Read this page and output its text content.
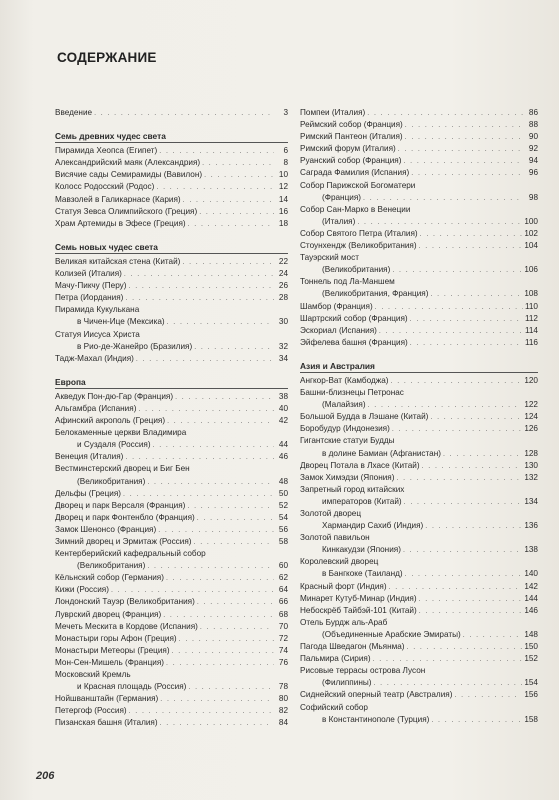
СОДЕРЖАНИЕ
Введение . . .	3
Семь древних чудес света
Пирамида Хеопса (Египет) . . .	6
Александрийский маяк (Александрия) . . .	8
Висячие сады Семирамиды (Вавилон) . . .	10
Колосс Родосский (Родос) . . .	12
Мавзолей в Галикарнасе (Кария) . . .	14
Статуя Зевса Олимпийского (Греция) . . .	16
Храм Артемиды в Эфесе (Греция) . . .	18
Семь новых чудес света
Великая китайская стена (Китай) . . .	22
Колизей (Италия) . . .	24
Мачу-Пикчу (Перу) . . .	26
Петра (Иордания) . . .	28
Пирамида Кукулькана
в Чичен-Ице (Мексика) . . .	30
Статуя Иисуса Христа
в Рио-де-Жанейро (Бразилия) . . .	32
Тадж-Махал (Индия) . . .	34
Европа
Акведук Пон-дю-Гар (Франция) . . .	38
Альгамбра (Испания) . . .	40
Афинский акрополь (Греция) . . .	42
Белокаменные церкви Владимира
и Суздаля (Россия) . . .	44
Венеция (Италия) . . .	46
Вестминстерский дворец и Биг Бен
(Великобритания) . . .	48
Дельфы (Греция) . . .	50
Дворец и парк Версаля (Франция) . . .	52
Дворец и парк Фонтенбло (Франция) . . .	54
Замок Шенонсо (Франция) . . .	56
Зимний дворец и Эрмитаж (Россия) . . .	58
Кентерберийский кафедральный собор
(Великобритания) . . .	60
Кёльнский собор (Германия) . . .	62
Кижи (Россия) . . .	64
Лондонский Тауэр (Великобритания) . . .	66
Луврский дворец (Франция) . . .	68
Мечеть Мескита в Кордове (Испания) . . .	70
Монастыри горы Афон (Греция) . . .	72
Монастыри Метеоры (Греция) . . .	74
Мон-Сен-Мишель (Франция) . . .	76
Московский Кремль
и Красная площадь (Россия) . . .	78
Нойшванштайн (Германия) . . .	80
Петергоф (Россия) . . .	82
Пизанская башня (Италия) . . .	84
Помпеи (Италия) . . .	86
Реймский собор (Франция) . . .	88
Римский Пантеон (Италия) . . .	90
Римский форум (Италия) . . .	92
Руанский собор (Франция) . . .	94
Саграда Фамилия (Испания) . . .	96
Собор Парижской Богоматери
(Франция) . . .	98
Собор Сан-Марко в Венеции
(Италия) . . .	100
Собор Святого Петра (Италия) . . .	102
Стоунхендж (Великобритания) . . .	104
Тауэрский мост
(Великобритания) . . .	106
Тоннель под Ла-Маншем
(Великобритания, Франция) . . .	108
Шамбор (Франция) . . .	110
Шартрский собор (Франция) . . .	112
Эскориал (Испания) . . .	114
Эйфелева башня (Франция) . . .	116
Азия и Австралия
Ангкор-Ват (Камбоджа) . . .	120
Башни-близнецы Петронас
(Малайзия) . . .	122
Большой Будда в Лэшане (Китай) . . .	124
Боробудур (Индонезия) . . .	126
Гигантские статуи Будды
в долине Бамиан (Афганистан) . . .	128
Дворец Потала в Лхасе (Китай) . . .	130
Замок Химэдзи (Япония) . . .	132
Запретный город китайских
императоров (Китай) . . .	134
Золотой дворец
Хармандир Сахиб (Индия) . . .	136
Золотой павильон
Кинкакудзи (Япония) . . .	138
Королевский дворец
в Бангкоке (Таиланд) . . .	140
Красный форт (Индия) . . .	142
Минарет Кутуб-Минар (Индия) . . .	144
Небоскрёб Тайбэй-101 (Китай) . . .	146
Отель Бурдж аль-Араб
(Объединенные Арабские Эмираты) . . .	148
Пагода Шведагон (Мьянма) . . .	150
Пальмира (Сирия) . . .	152
Рисовые террасы острова Лусон
(Филиппины) . . .	154
Сиднейский оперный театр (Австралия) . . .	156
Софийский собор
в Константинополе (Турция) . . .	158
206
